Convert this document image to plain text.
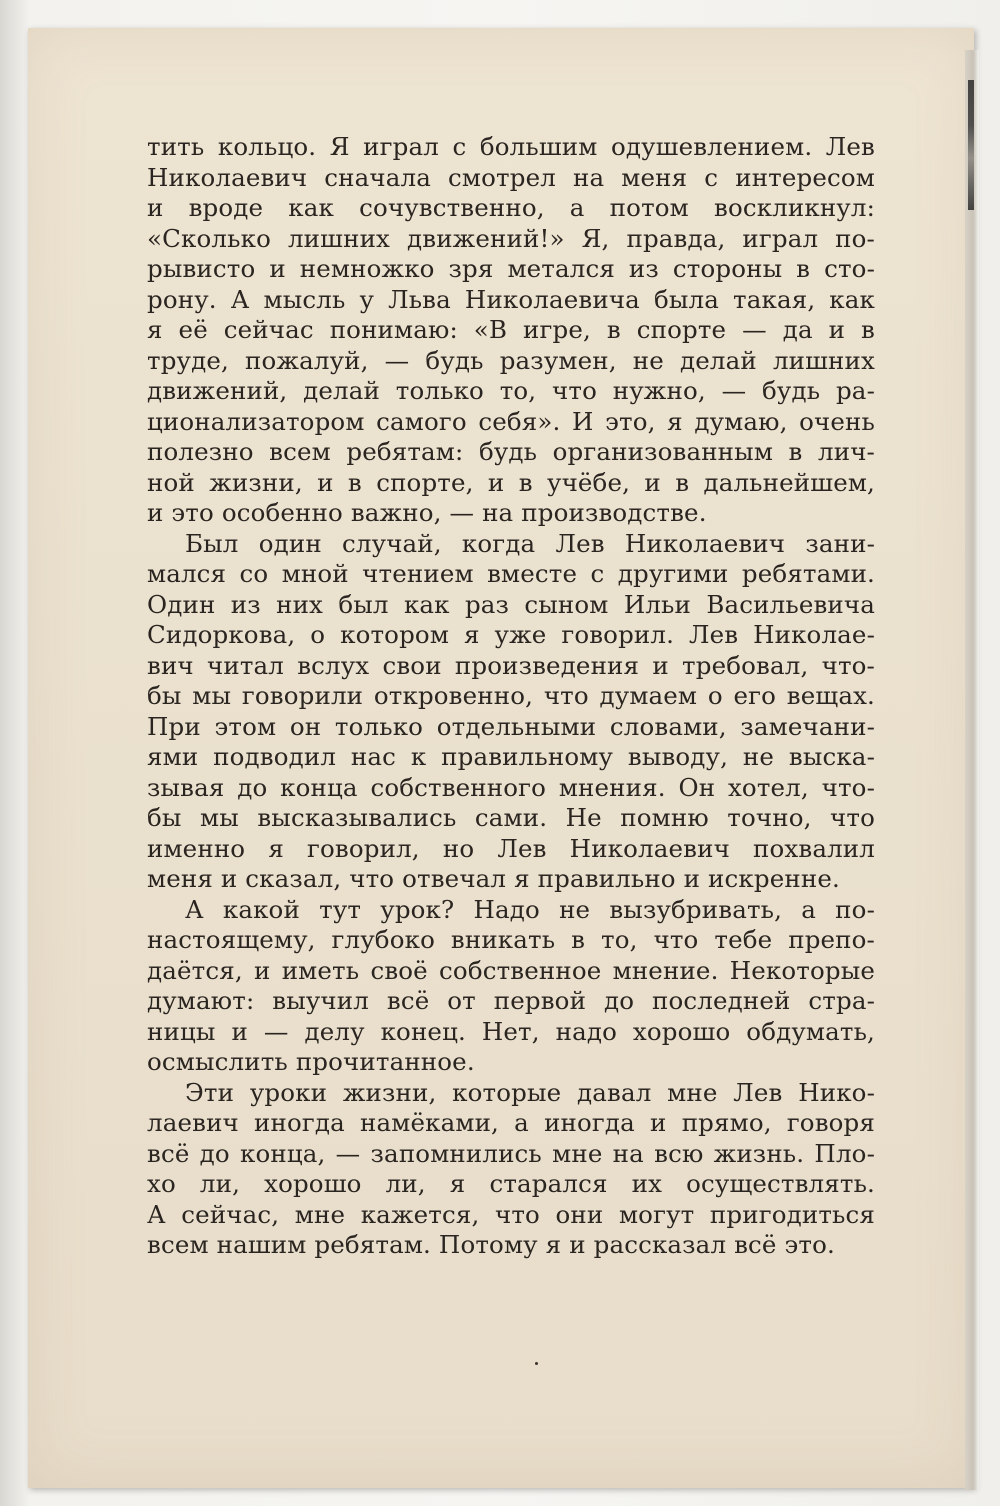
тить кольцо. Я играл с большим одушевлением. Лев
Николаевич сначала смотрел на меня с интересом
и вроде как сочувственно, а потом воскликнул:
«Сколько лишних движений!» Я, правда, играл по-
рывисто и немножко зря метался из стороны в сто-
рону. А мысль у Льва Николаевича была такая, как
я её сейчас понимаю: «В игре, в спорте — да и в
труде, пожалуй, — будь разумен, не делай лишних
движений, делай только то, что нужно, — будь ра-
ционализатором самого себя». И это, я думаю, очень
полезно всем ребятам: будь организованным в лич-
ной жизни, и в спорте, и в учёбе, и в дальнейшем,
и это особенно важно, — на производстве.
Был один случай, когда Лев Николаевич зани-
мался со мной чтением вместе с другими ребятами.
Один из них был как раз сыном Ильи Васильевича
Сидоркова, о котором я уже говорил. Лев Николае-
вич читал вслух свои произведения и требовал, что-
бы мы говорили откровенно, что думаем о его вещах.
При этом он только отдельными словами, замечани-
ями подводил нас к правильному выводу, не выска-
зывая до конца собственного мнения. Он хотел, что-
бы мы высказывались сами. Не помню точно, что
именно я говорил, но Лев Николаевич похвалил
меня и сказал, что отвечал я правильно и искренне.
А какой тут урок? Надо не вызубривать, а по-
настоящему, глубоко вникать в то, что тебе препо-
даётся, и иметь своё собственное мнение. Некоторые
думают: выучил всё от первой до последней стра-
ницы и — делу конец. Нет, надо хорошо обдумать,
осмыслить прочитанное.
Эти уроки жизни, которые давал мне Лев Нико-
лаевич иногда намёками, а иногда и прямо, говоря
всё до конца, — запомнились мне на всю жизнь. Пло-
хо ли, хорошо ли, я старался их осуществлять.
А сейчас, мне кажется, что они могут пригодиться
всем нашим ребятам. Потому я и рассказал всё это.
